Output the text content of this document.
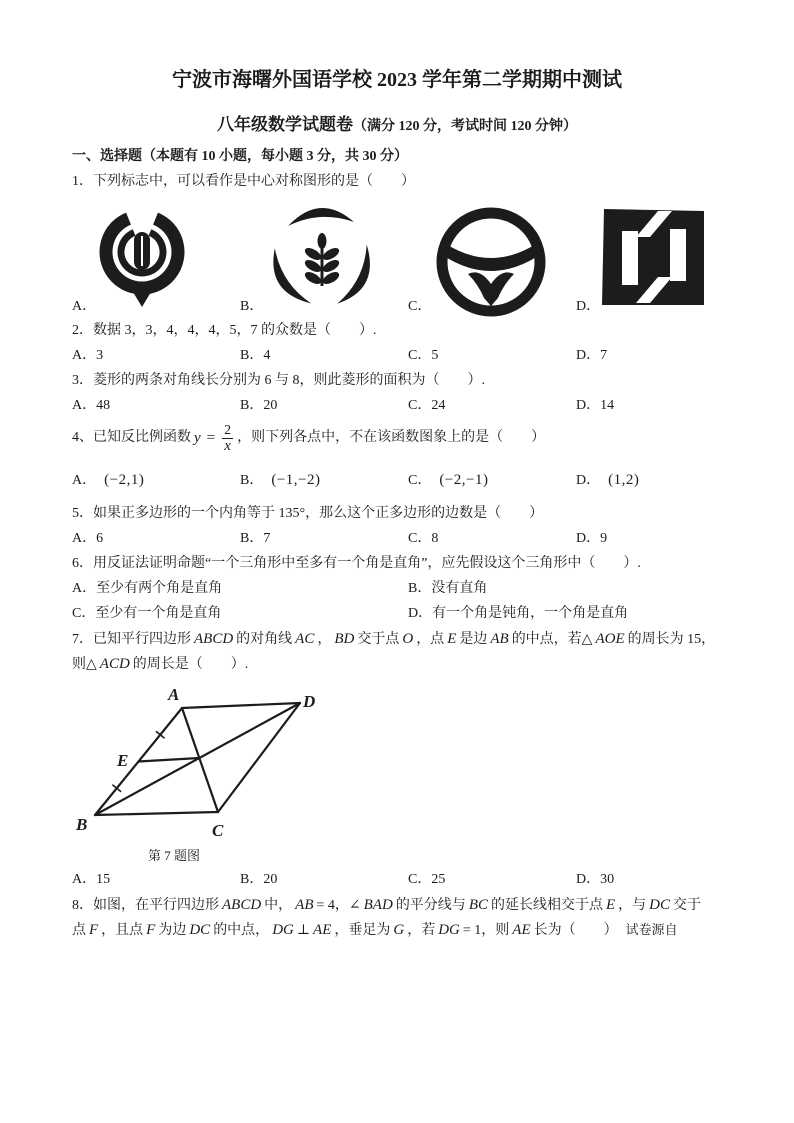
宁波市海曙外国语学校 2023 学年第二学期期中测试
八年级数学试题卷（满分 120 分，考试时间 120 分钟）
一、选择题（本题有 10 小题，每小题 3 分，共 30 分）
1．下列标志中，可以看作是中心对称图形的是（　　）
A．	B．	C．	D．
2．数据 3，3，4，4，4，5，7 的众数是（　　）.
A．3	B．4	C．5	D．7
3．菱形的两条对角线长分别为 6 与 8，则此菱形的面积为（　　）.
A．48	B．20	C．24	D．14
4、已知反比例函数 $y = \frac{2}{x}$ ，则下列各点中，不在该函数图象上的是（　　）
A． (−2,1)	B． (−1,−2)	C． (−2,−1)	D． (1,2)
5．如果正多边形的一个内角等于 135°，那么这个正多边形的边数是（　　）
A．6	B．7	C．8	D．9
6．用反证法证明命题“一个三角形中至多有一个角是直角”，应先假设这个三角形中（　　）.
A．至少有两个角是直角	B．没有直角
C．至少有一个角是直角	D．有一个角是钝角，一个角是直角
7．已知平行四边形 ABCD 的对角线 AC ， BD 交于点 O ，点 E 是边 AB 的中点，若△ AOE 的周长为 15，
则△ ACD 的周长是（　　）.
A	D
E
B	C
第 7 题图
A．15	B．20	C．25	D．30
8．如图，在平行四边形 ABCD 中， AB = 4，∠ BAD 的平分线与 BC 的延长线相交于点 E ，与 DC 交于
点 F ，且点 F 为边 DC 的中点， DG ⊥ AE ，垂足为 G ，若 DG = 1，则 AE 长为（　　） 试卷源自
